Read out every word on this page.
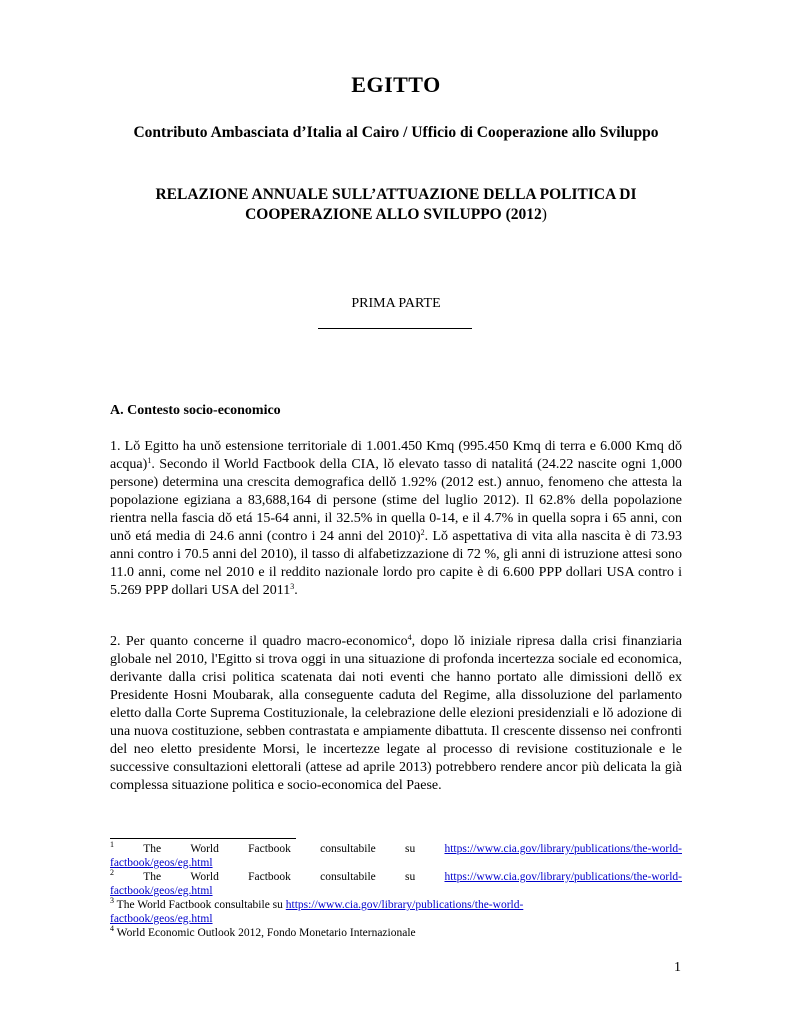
EGITTO
Contributo Ambasciata d’Italia al Cairo / Ufficio di Cooperazione allo Sviluppo
RELAZIONE ANNUALE SULL’ATTUAZIONE DELLA POLITICA DI COOPERAZIONE ALLO SVILUPPO (2012)
PRIMA PARTE
A. Contesto socio-economico

1. Lŏ Egitto ha unŏ estensione territoriale di 1.001.450 Kmq (995.450 Kmq di terra e 6.000 Kmq dŏ acqua)$^1$. Secondo il World Factbook della CIA, lŏ elevato tasso di natalitá (24.22 nascite ogni 1,000 persone) determina una crescita demografica dellŏ 1.92% (2012 est.) annuo, fenomeno che attesta la popolazione egiziana a 83,688,164 di persone (stime del luglio 2012). Il 62.8% della popolazione rientra nella fascia dŏ etá 15-64 anni, il 32.5% in quella 0-14, e il 4.7% in quella sopra i 65 anni, con unŏ etá media di 24.6 anni (contro i 24 anni del 2010)$^2$. Lŏ aspettativa di vita alla nascita è di 73.93 anni contro i 70.5 anni del 2010), il tasso di alfabetizzazione di 72 %, gli anni di istruzione attesi sono 11.0 anni, come nel 2010 e il reddito nazionale lordo pro capite è di 6.600 PPP dollari USA contro i 5.269 PPP dollari USA del 2011$^3$.

2. Per quanto concerne il quadro macro-economico$^4$, dopo lŏ iniziale ripresa dalla crisi finanziaria globale nel 2010, l'Egitto si trova oggi in una situazione di profonda incertezza sociale ed economica, derivante dalla crisi politica scatenata dai noti eventi che hanno portato alle dimissioni dellŏ ex Presidente Hosni Moubarak, alla conseguente caduta del Regime, alla dissoluzione del parlamento eletto dalla Corte Suprema Costituzionale, la celebrazione delle elezioni presidenziali e lŏ adozione di una nuova costituzione, sebben contrastata e ampiamente dibattuta. Il crescente dissenso nei confronti del neo eletto presidente Morsi, le incertezze legate al processo di revisione costituzionale e le successive consultazioni elettorali (attese ad aprile 2013) potrebbero rendere ancor più delicata la già complessa situazione politica e socio-economica del Paese.

$^1$	The	World	Factbook	consultabile	su	https://www.cia.gov/library/publications/the-world-
factbook/geos/eg.html
$^2$	The	World	Factbook	consultabile	su	https://www.cia.gov/library/publications/the-world-
factbook/geos/eg.html
$^3$ The World Factbook consultabile su https://www.cia.gov/library/publications/the-world-
factbook/geos/eg.html
$^4$ World Economic Outlook 2012, Fondo Monetario Internazionale
1
